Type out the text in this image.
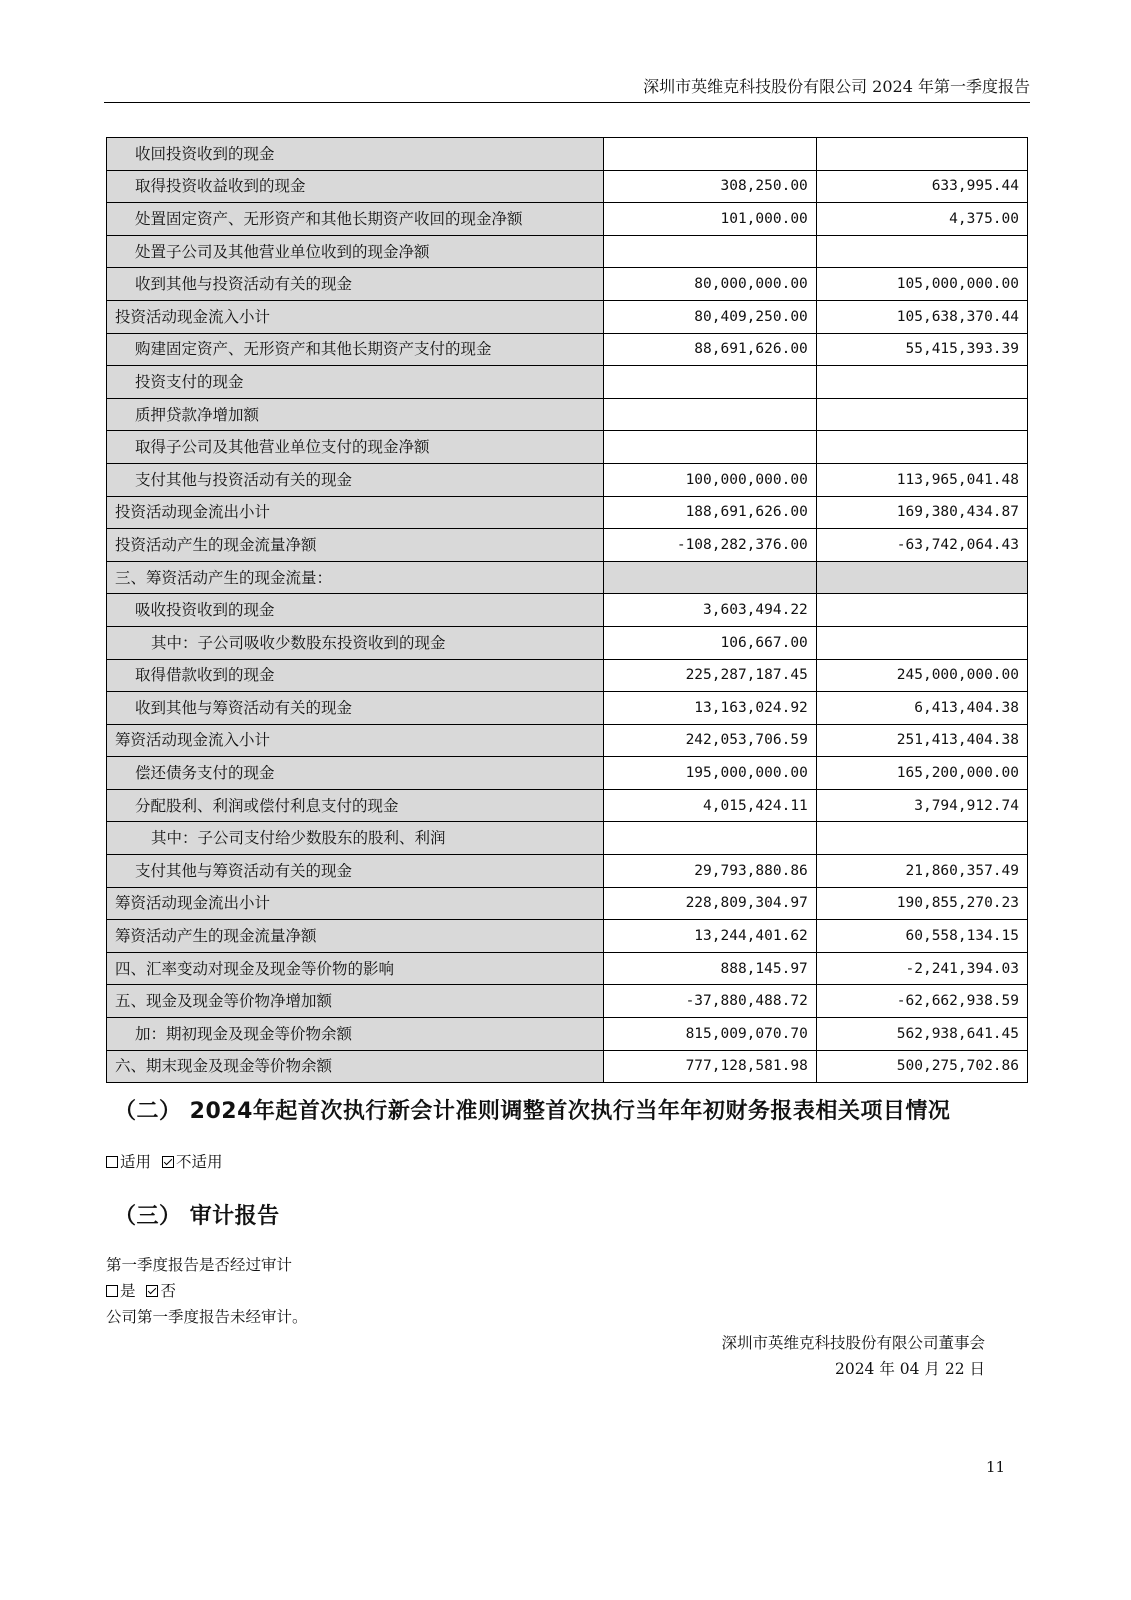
深圳市英维克科技股份有限公司 2024 年第一季度报告
收回投资收到的现金		
取得投资收益收到的现金	308,250.00	633,995.44
处置固定资产、无形资产和其他长期资产收回的现金净额	101,000.00	4,375.00
处置子公司及其他营业单位收到的现金净额		
收到其他与投资活动有关的现金	80,000,000.00	105,000,000.00
投资活动现金流入小计	80,409,250.00	105,638,370.44
购建固定资产、无形资产和其他长期资产支付的现金	88,691,626.00	55,415,393.39
投资支付的现金		
质押贷款净增加额		
取得子公司及其他营业单位支付的现金净额		
支付其他与投资活动有关的现金	100,000,000.00	113,965,041.48
投资活动现金流出小计	188,691,626.00	169,380,434.87
投资活动产生的现金流量净额	-108,282,376.00	-63,742,064.43
三、筹资活动产生的现金流量：		
吸收投资收到的现金	3,603,494.22	
其中：子公司吸收少数股东投资收到的现金	106,667.00	
取得借款收到的现金	225,287,187.45	245,000,000.00
收到其他与筹资活动有关的现金	13,163,024.92	6,413,404.38
筹资活动现金流入小计	242,053,706.59	251,413,404.38
偿还债务支付的现金	195,000,000.00	165,200,000.00
分配股利、利润或偿付利息支付的现金	4,015,424.11	3,794,912.74
其中：子公司支付给少数股东的股利、利润		
支付其他与筹资活动有关的现金	29,793,880.86	21,860,357.49
筹资活动现金流出小计	228,809,304.97	190,855,270.23
筹资活动产生的现金流量净额	13,244,401.62	60,558,134.15
四、汇率变动对现金及现金等价物的影响	888,145.97	-2,241,394.03
五、现金及现金等价物净增加额	-37,880,488.72	-62,662,938.59
加：期初现金及现金等价物余额	815,009,070.70	562,938,641.45
六、期末现金及现金等价物余额	777,128,581.98	500,275,702.86
（二） 2024年起首次执行新会计准则调整首次执行当年年初财务报表相关项目情况
适用 不适用
（三） 审计报告
第一季度报告是否经过审计
是 否
公司第一季度报告未经审计。
深圳市英维克科技股份有限公司董事会
2024 年 04 月 22 日
11
